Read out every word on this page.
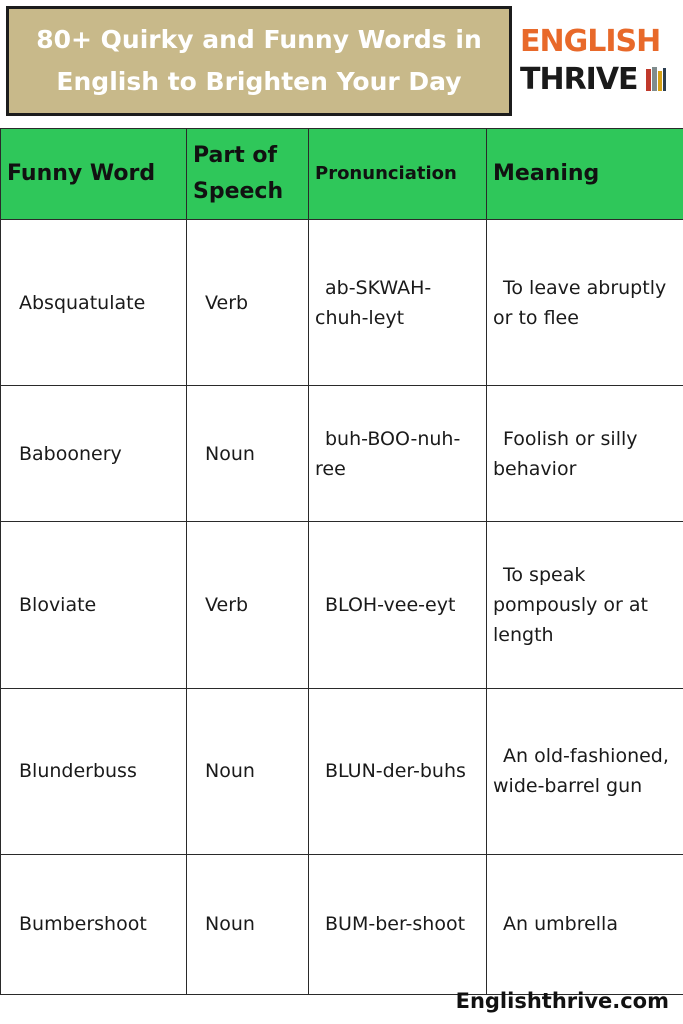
80+ Quirky and Funny Words in
English to Brighten Your Day
ENGLISH
THRIVE
Funny Word	Part of Speech	Pronunciation	Meaning
Absquatulate	Verb	ab-SKWAH-chuh-leyt	To leave abruptly or to flee
Baboonery	Noun	buh-BOO-nuh-ree	Foolish or silly behavior
Bloviate	Verb	BLOH-vee-eyt	To speak pompously or at length
Blunderbuss	Noun	BLUN-der-buhs	An old-fashioned, wide-barrel gun
Bumbershoot	Noun	BUM-ber-shoot	An umbrella
Englishthrive.com
